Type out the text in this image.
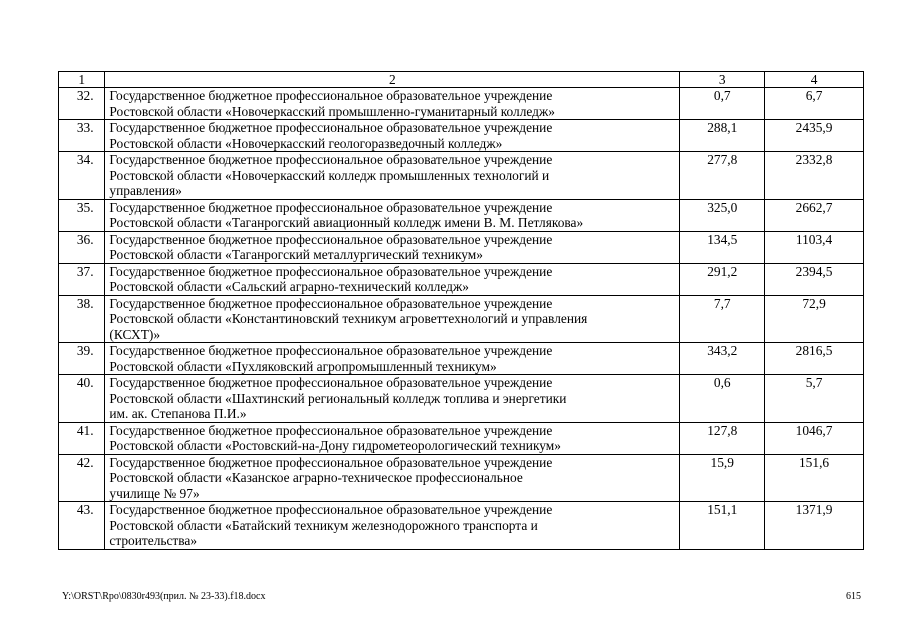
1	2	3	4
32.	Государственное бюджетное профессиональное образовательное учреждение
Ростовской области «Новочеркасский промышленно-гуманитарный колледж»	0,7	6,7
33.	Государственное бюджетное профессиональное образовательное учреждение
Ростовской области «Новочеркасский геологоразведочный колледж»	288,1	2435,9
34.	Государственное бюджетное профессиональное образовательное учреждение
Ростовской области «Новочеркасский колледж промышленных технологий и
управления»	277,8	2332,8
35.	Государственное бюджетное профессиональное образовательное учреждение
Ростовской области «Таганрогский авиационный колледж имени В. М. Петлякова»	325,0	2662,7
36.	Государственное бюджетное профессиональное образовательное учреждение
Ростовской области «Таганрогский металлургический техникум»	134,5	1103,4
37.	Государственное бюджетное профессиональное образовательное учреждение
Ростовской области «Сальский аграрно-технический колледж»	291,2	2394,5
38.	Государственное бюджетное профессиональное образовательное учреждение
Ростовской области «Константиновский техникум агроветтехнологий и управления
(КСХТ)»	7,7	72,9
39.	Государственное бюджетное профессиональное образовательное учреждение
Ростовской области «Пухляковский агропромышленный техникум»	343,2	2816,5
40.	Государственное бюджетное профессиональное образовательное учреждение
Ростовской области «Шахтинский региональный колледж топлива и энергетики
им. ак. Степанова П.И.»	0,6	5,7
41.	Государственное бюджетное профессиональное образовательное учреждение
Ростовской области «Ростовский-на-Дону гидрометеорологический техникум»	127,8	1046,7
42.	Государственное бюджетное профессиональное образовательное учреждение
Ростовской области «Казанское аграрно-техническое профессиональное
училище № 97»	15,9	151,6
43.	Государственное бюджетное профессиональное образовательное учреждение
Ростовской области «Батайский техникум железнодорожного транспорта и
строительства»	151,1	1371,9
Y:\ORST\Rpo\0830r493(прил. № 23-33).f18.docx	615
